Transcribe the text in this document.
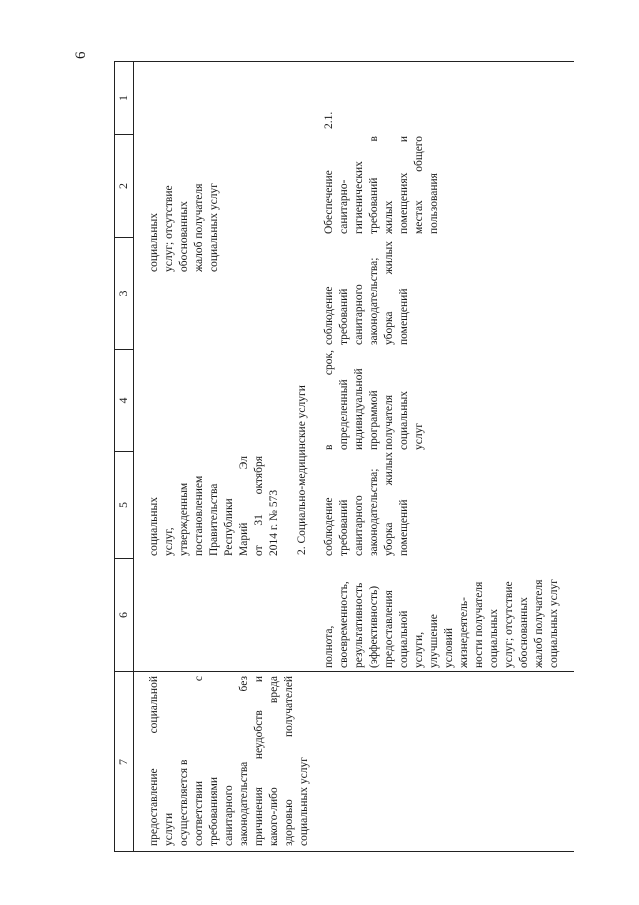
6
1
2
3
4
5
6
7
социальных услуг, утвержденным постановлением Правительства Республики Марий Эл от 31 октября 2014 г. № 573
социальных услуг; отсутствие обоснованных жалоб получателя социальных услуг
2. Социально-медицинские услуги
2.1.
Обеспечение санитарно- гигиенических требований в жилых помещениях и местах общего пользования
соблюдение требований санитарного законодательства; уборка жилых помещений
в срок, определенный индивидуальной программой получателя социальных услуг
соблюдение требований санитарного законодательства; уборка жилых помещений
полнота, своевременность, результативность (эффективность) предоставления социальной услуги, улучшение условий жизнедеятель- ности получателя социальных услуг; отсутствие обоснованных жалоб получателя социальных услуг
предоставление социальной услуги осуществляется в соответствии с требованиями санитарного законодательства без причинения неудобств и какого-либо вреда здоровью получателей социальных услуг
